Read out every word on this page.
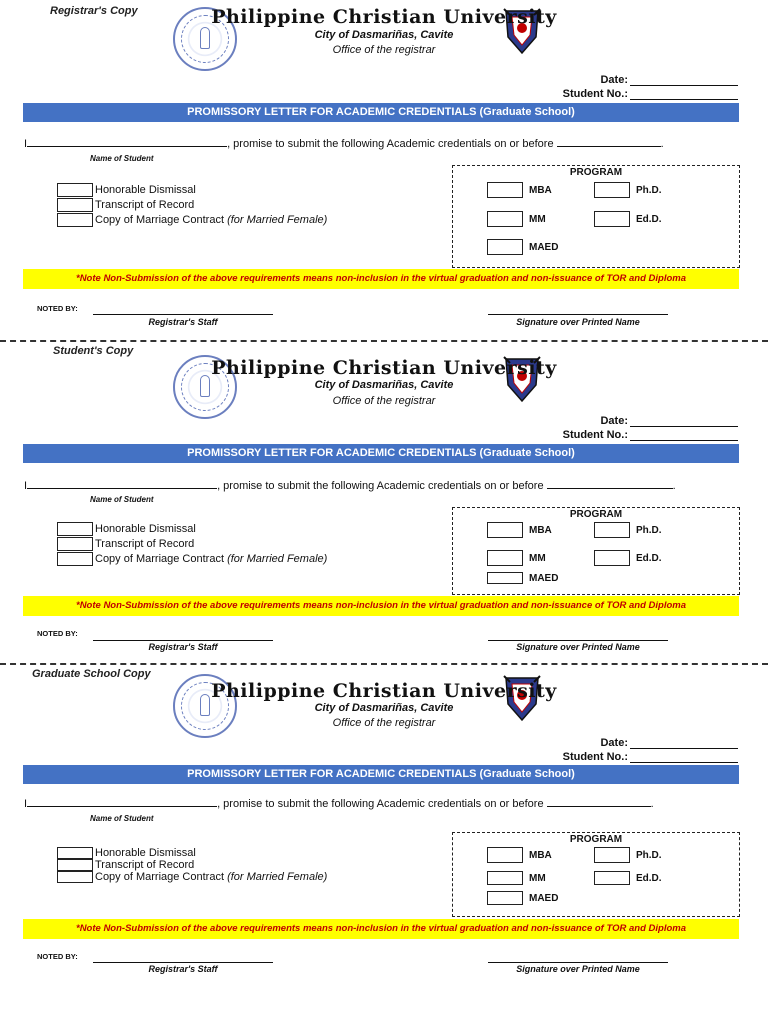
Registrar's Copy	Philippine Christian University
City of Dasmariñas, Cavite
Office of the registrar
Date:
Student No.:
PROMISSORY LETTER FOR ACADEMIC CREDENTIALS (Graduate School)
I	, promise to submit the following Academic credentials on or before	.
Name of Student
Honorable Dismissal
Transcript of Record
Copy of Marriage Contract (for Married Female)
PROGRAM
MBA	Ph.D.
MM	Ed.D.
MAED
*Note Non-Submission of the above requirements means non-inclusion in the virtual graduation and non-issuance of TOR and Diploma
NOTED BY:
Registrar's Staff	Signature over Printed Name
Student's Copy
Philippine Christian University
City of Dasmariñas, Cavite
Office of the registrar
Date:
Student No.:
PROMISSORY LETTER FOR ACADEMIC CREDENTIALS (Graduate School)
I	, promise to submit the following Academic credentials on or before	.
Name of Student
Honorable Dismissal
Transcript of Record
Copy of Marriage Contract (for Married Female)
PROGRAM
MBA	Ph.D.
MM	Ed.D.
MAED
*Note Non-Submission of the above requirements means non-inclusion in the virtual graduation and non-issuance of TOR and Diploma
NOTED BY:
Registrar's Staff	Signature over Printed Name
Graduate School Copy
Philippine Christian University
City of Dasmariñas, Cavite
Office of the registrar
Date:
Student No.:
PROMISSORY LETTER FOR ACADEMIC CREDENTIALS (Graduate School)
I	, promise to submit the following Academic credentials on or before	.
Name of Student
Honorable Dismissal
Transcript of Record
Copy of Marriage Contract (for Married Female)
PROGRAM
MBA	Ph.D.
MM	Ed.D.
MAED
*Note Non-Submission of the above requirements means non-inclusion in the virtual graduation and non-issuance of TOR and Diploma
NOTED BY:
Registrar's Staff	Signature over Printed Name
